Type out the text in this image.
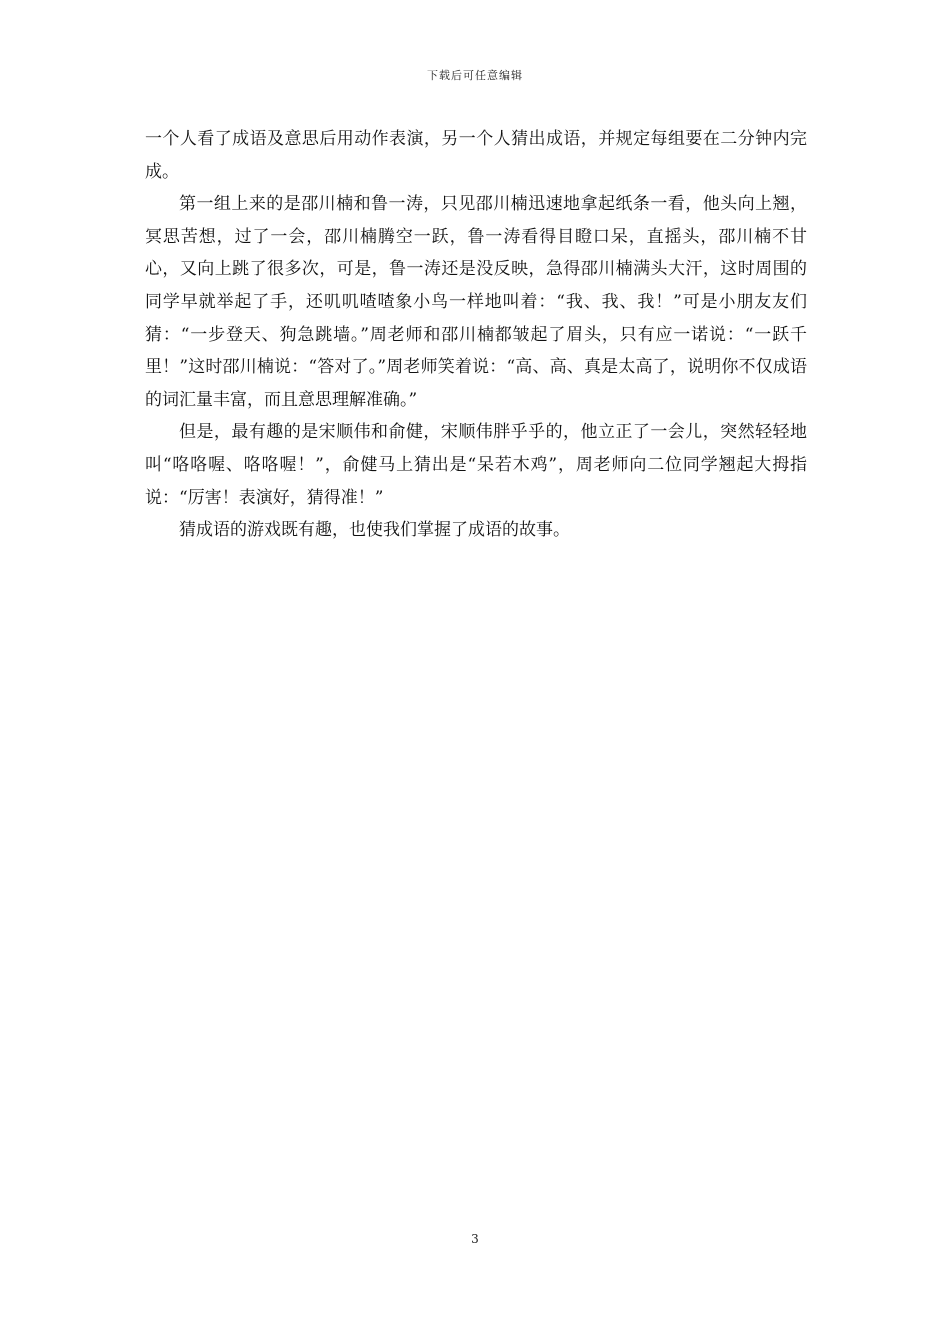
下载后可任意编辑

一个人看了成语及意思后用动作表演，另一个人猜出成语，并规定每组要在二分钟内完成。

第一组上来的是邵川楠和鲁一涛，只见邵川楠迅速地拿起纸条一看，他头向上翘，冥思苦想，过了一会，邵川楠腾空一跃，鲁一涛看得目瞪口呆，直摇头，邵川楠不甘心，又向上跳了很多次，可是，鲁一涛还是没反映，急得邵川楠满头大汗，这时周围的同学早就举起了手，还叽叽喳喳象小鸟一样地叫着：“我、我、我！”可是小朋友友们猜：“一步登天、狗急跳墙。”周老师和邵川楠都皱起了眉头，只有应一诺说：“一跃千里！”这时邵川楠说：“答对了。”周老师笑着说：“高、高、真是太高了，说明你不仅成语的词汇量丰富，而且意思理解准确。”

但是，最有趣的是宋顺伟和俞健，宋顺伟胖乎乎的，他立正了一会儿，突然轻轻地叫“咯咯喔、咯咯喔！”，俞健马上猜出是“呆若木鸡”，周老师向二位同学翘起大拇指说：“厉害！表演好，猜得准！”

猜成语的游戏既有趣，也使我们掌握了成语的故事。

3
